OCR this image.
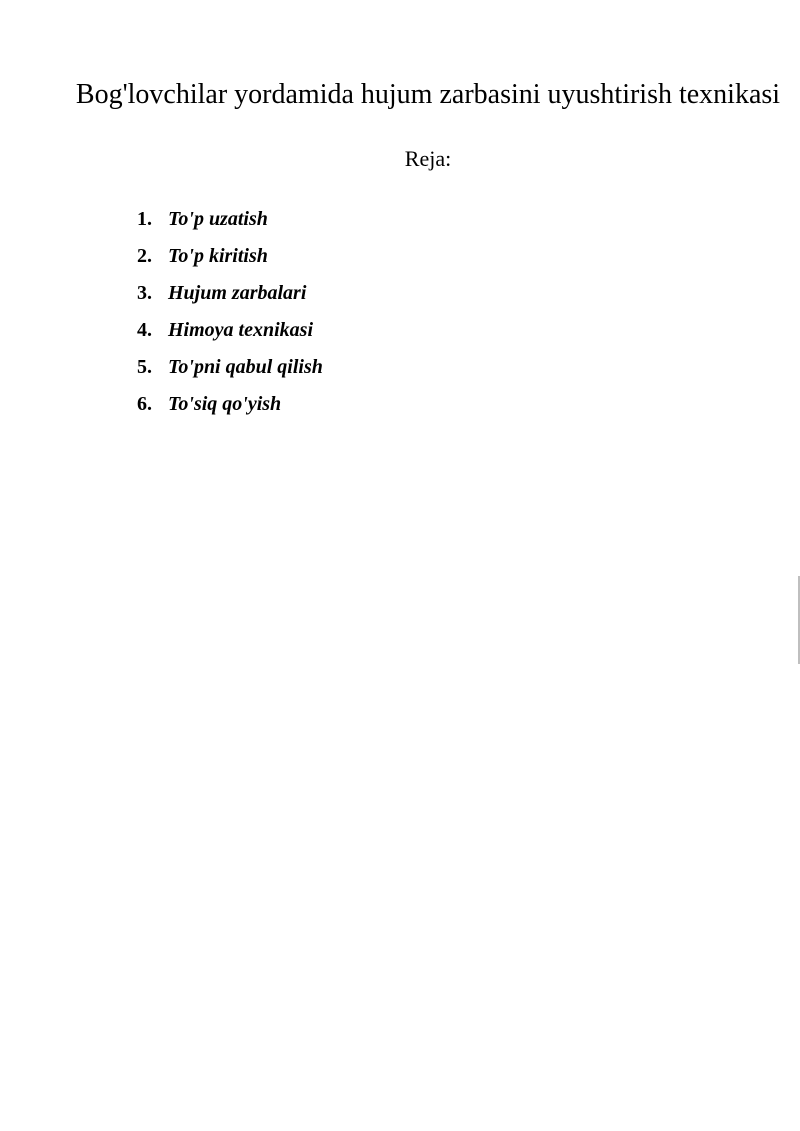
Bog'lovchilar yordamida hujum zarbasini uyushtirish texnikasi
Reja:
1. To'p uzatish
2. To'p kiritish
3. Hujum zarbalari
4. Himoya texnikasi
5. To'pni qabul qilish
6. To'siq qo'yish
